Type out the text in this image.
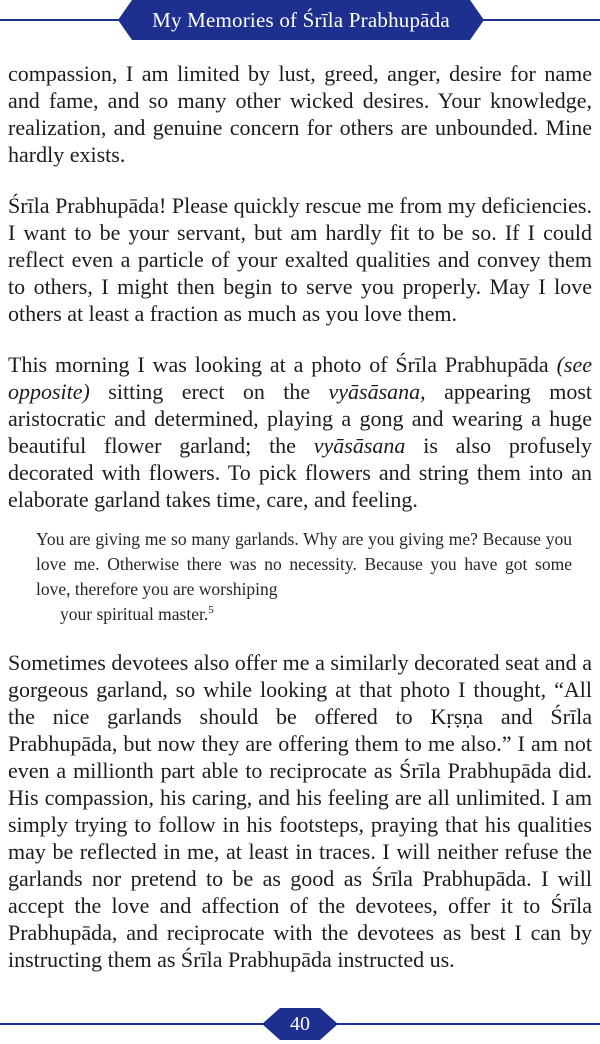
My Memories of Śrīla Prabhupāda

compassion, I am limited by lust, greed, anger, desire for name and fame, and so many other wicked desires. Your knowledge, realization, and genuine concern for others are unbounded. Mine hardly exists.

Śrīla Prabhupāda! Please quickly rescue me from my deficiencies. I want to be your servant, but am hardly fit to be so. If I could reflect even a particle of your exalted qualities and convey them to others, I might then begin to serve you properly. May I love others at least a fraction as much as you love them.

This morning I was looking at a photo of Śrīla Prabhupāda (see opposite) sitting erect on the vyāsāsana, appearing most aristocratic and determined, playing a gong and wearing a huge beautiful flower garland; the vyāsāsana is also profusely decorated with flowers. To pick flowers and string them into an elaborate garland takes time, care, and feeling.

You are giving me so many garlands. Why are you giving me? Because you love me. Otherwise there was no necessity. Because you have got some love, therefore you are worshiping
your spiritual master.$^5$

Sometimes devotees also offer me a similarly decorated seat and a gorgeous garland, so while looking at that photo I thought, “All the nice garlands should be offered to Kṛṣṇa and Śrīla Prabhupāda, but now they are offering them to me also.” I am not even a millionth part able to reciprocate as Śrīla Prabhupāda did. His compassion, his caring, and his feeling are all unlimited. I am simply trying to follow in his footsteps, praying that his qualities may be reflected in me, at least in traces. I will neither refuse the garlands nor pretend to be as good as Śrīla Prabhupāda. I will accept the love and affection of the devotees, offer it to Śrīla Prabhupāda, and reciprocate with the devotees as best I can by instructing them as Śrīla Prabhupāda instructed us.

40
